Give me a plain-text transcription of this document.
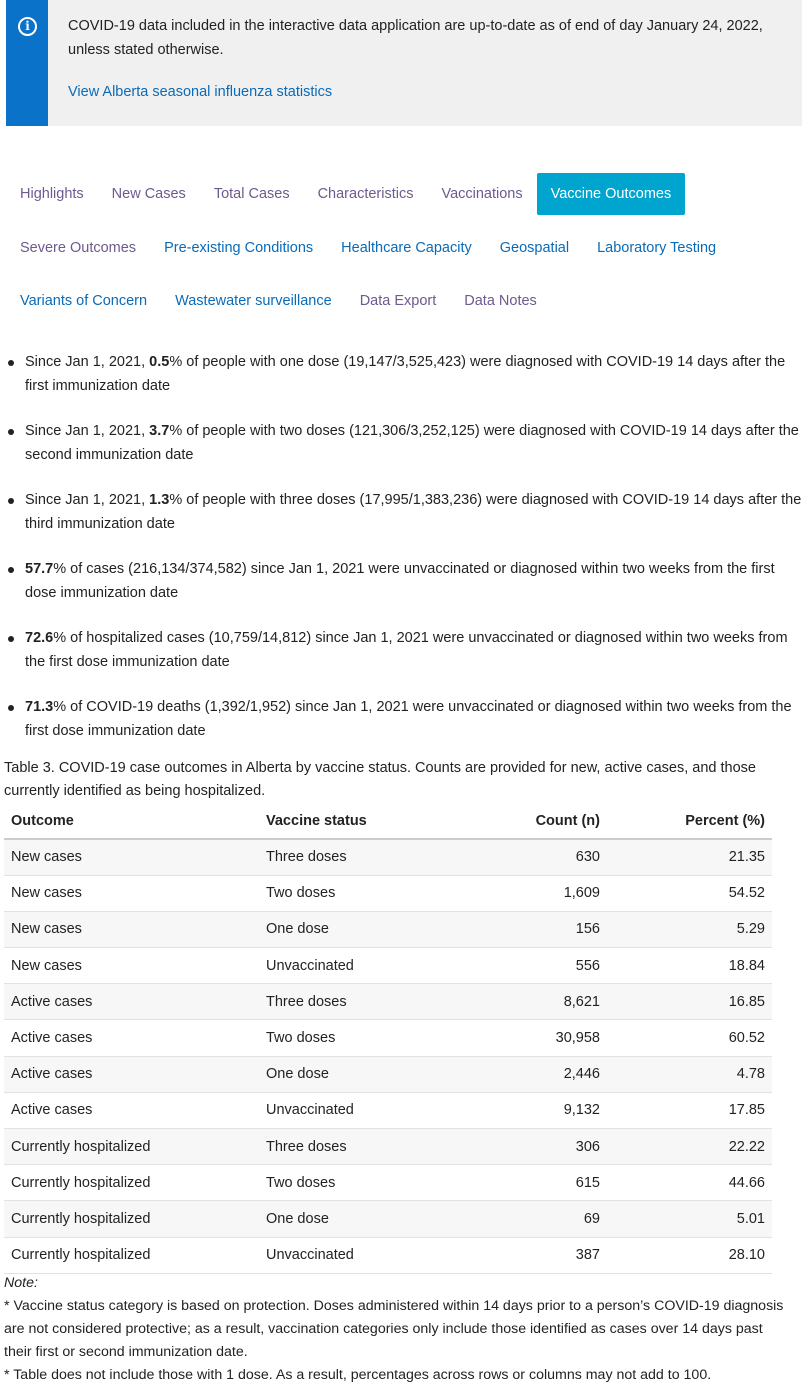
i	COVID-19 data included in the interactive data application are up-to-date as of end of day January 24, 2022, unless stated otherwise.
View Alberta seasonal influenza statistics
Highlights	New Cases	Total Cases	Characteristics	Vaccinations	Vaccine Outcomes
Severe Outcomes	Pre-existing Conditions	Healthcare Capacity	Geospatial	Laboratory Testing
Variants of Concern	Wastewater surveillance	Data Export	Data Notes
Since Jan 1, 2021, 0.5% of people with one dose (19,147/3,525,423) were diagnosed with COVID-19 14 days after the first immunization date
Since Jan 1, 2021, 3.7% of people with two doses (121,306/3,252,125) were diagnosed with COVID-19 14 days after the second immunization date
Since Jan 1, 2021, 1.3% of people with three doses (17,995/1,383,236) were diagnosed with COVID-19 14 days after the third immunization date
57.7% of cases (216,134/374,582) since Jan 1, 2021 were unvaccinated or diagnosed within two weeks from the first dose immunization date
72.6% of hospitalized cases (10,759/14,812) since Jan 1, 2021 were unvaccinated or diagnosed within two weeks from the first dose immunization date
71.3% of COVID-19 deaths (1,392/1,952) since Jan 1, 2021 were unvaccinated or diagnosed within two weeks from the first dose immunization date
Table 3. COVID-19 case outcomes in Alberta by vaccine status. Counts are provided for new, active cases, and those currently identified as being hospitalized.
Outcome	Vaccine status	Count (n)	Percent (%)
New cases	Three doses	630	21.35
New cases	Two doses	1,609	54.52
New cases	One dose	156	5.29
New cases	Unvaccinated	556	18.84
Active cases	Three doses	8,621	16.85
Active cases	Two doses	30,958	60.52
Active cases	One dose	2,446	4.78
Active cases	Unvaccinated	9,132	17.85
Currently hospitalized	Three doses	306	22.22
Currently hospitalized	Two doses	615	44.66
Currently hospitalized	One dose	69	5.01
Currently hospitalized	Unvaccinated	387	28.10
Note:
* Vaccine status category is based on protection. Doses administered within 14 days prior to a person’s COVID-19 diagnosis are not considered protective; as a result, vaccination categories only include those identified as cases over 14 days past their first or second immunization date.
* Table does not include those with 1 dose. As a result, percentages across rows or columns may not add to 100.
